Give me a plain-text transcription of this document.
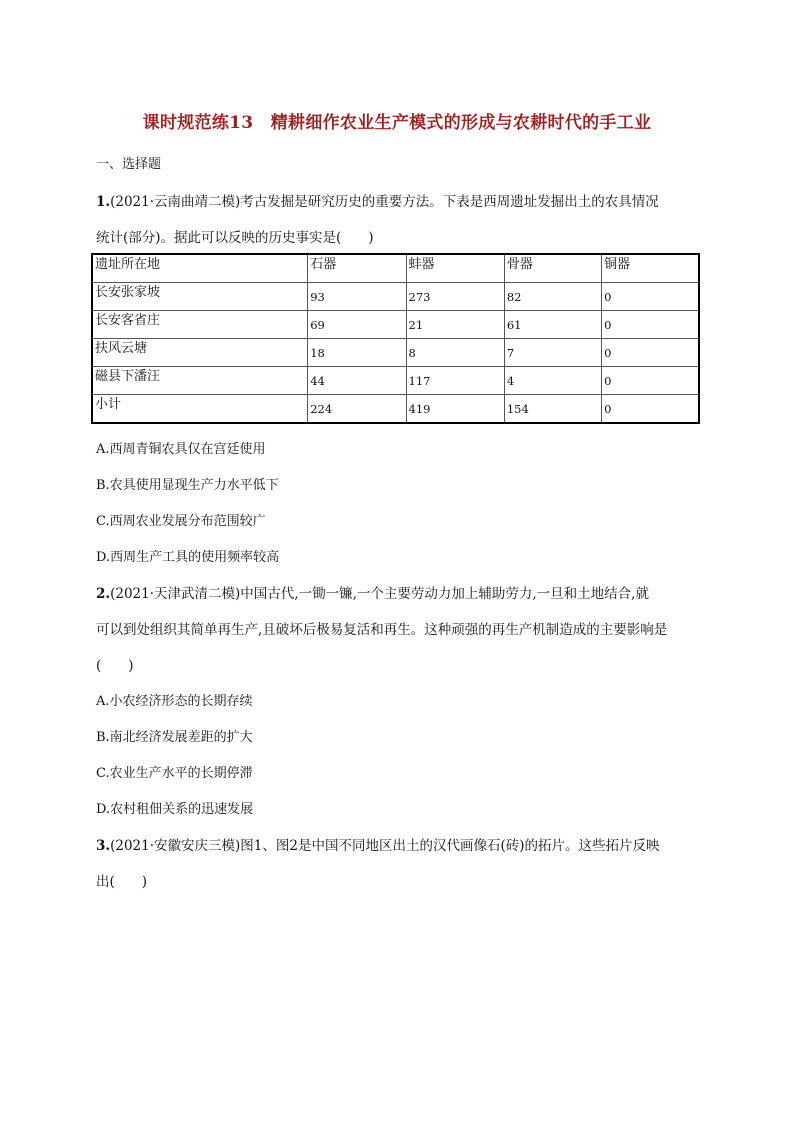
课时规范练13　精耕细作农业生产模式的形成与农耕时代的手工业
一、选择题
1.(2021·云南曲靖二模)考古发掘是研究历史的重要方法。下表是西周遗址发掘出土的农具情况
统计(部分)。据此可以反映的历史事实是(　　)
遗址所在地	石器	蚌器	骨器	铜器
长安张家坡	93	273	82	0
长安客省庄	69	21	61	0
扶风云塘	18	8	7	0
磁县下潘汪	44	117	4	0
小计	224	419	154	0
A.西周青铜农具仅在宫廷使用
B.农具使用显现生产力水平低下
C.西周农业发展分布范围较广
D.西周生产工具的使用频率较高
2.(2021·天津武清二模)中国古代,一锄一镰,一个主要劳动力加上辅助劳力,一旦和土地结合,就
可以到处组织其简单再生产,且破坏后极易复活和再生。这种顽强的再生产机制造成的主要影响是
(　　)
A.小农经济形态的长期存续
B.南北经济发展差距的扩大
C.农业生产水平的长期停滞
D.农村租佃关系的迅速发展
3.(2021·安徽安庆三模)图1、图2是中国不同地区出土的汉代画像石(砖)的拓片。这些拓片反映
出(　　)
